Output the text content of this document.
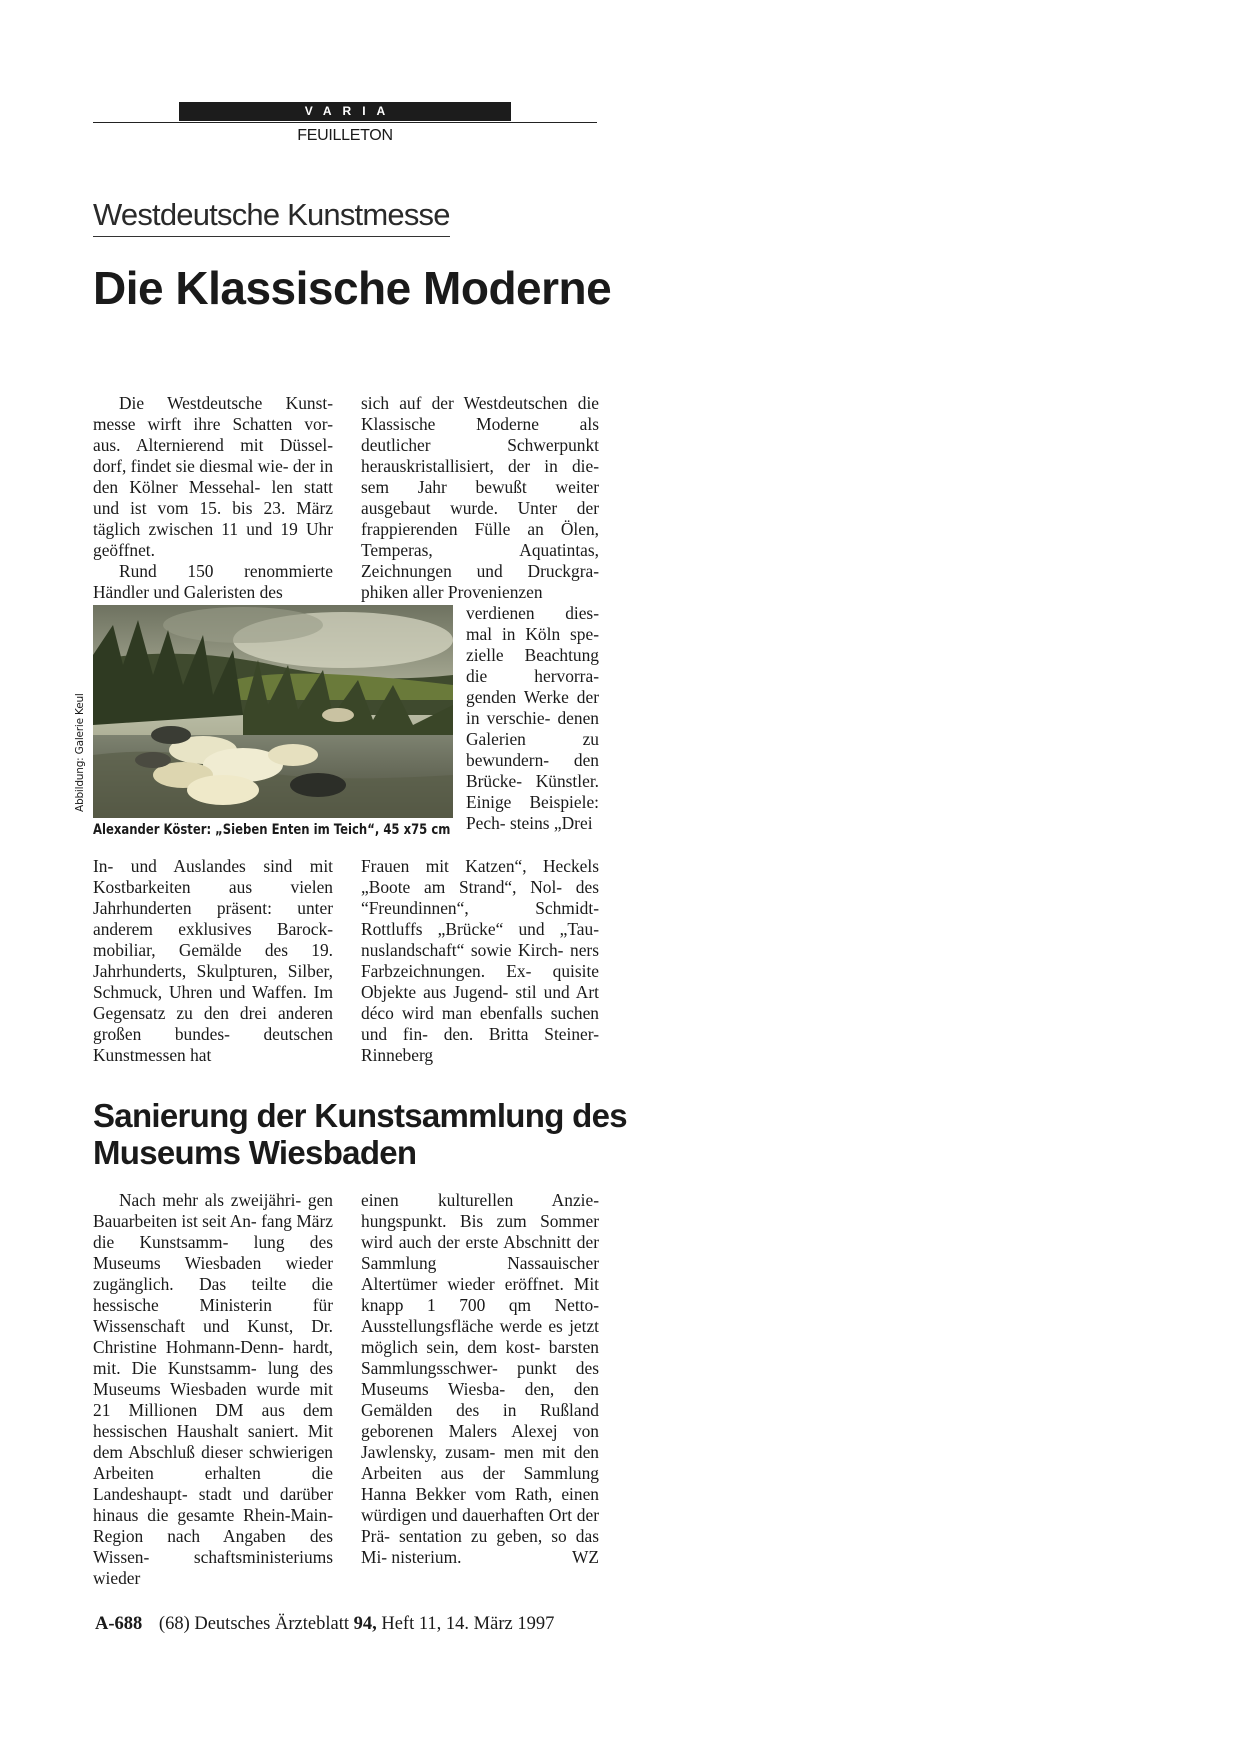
VARIA
FEUILLETON
Westdeutsche Kunstmesse
Die Klassische Moderne

Die Westdeutsche Kunst- messe wirft ihre Schatten vor- aus. Alternierend mit Düssel- dorf, findet sie diesmal wie- der in den Kölner Messehal- len statt und ist vom 15. bis 23. März täglich zwischen 11 und 19 Uhr geöffnet.

Rund 150 renommierte Händler und Galeristen des

sich auf der Westdeutschen die Klassische Moderne als deutlicher Schwerpunkt herauskristallisiert, der in die- sem Jahr bewußt weiter ausgebaut wurde. Unter der frappierenden Fülle an Ölen, Temperas, Aquatintas, Zeichnungen und Druckgra- phiken aller Provenienzen

verdienen dies- mal in Köln spe- zielle Beachtung die hervorra- genden Werke der in verschie- denen Galerien zu bewundern- den Brücke- Künstler. Einige Beispiele: Pech- steins „Drei

Alexander Köster: „Sieben Enten im Teich“, 45 x75 cm
Abbildung: Galerie Keul

In- und Auslandes sind mit Kostbarkeiten aus vielen Jahrhunderten präsent: unter anderem exklusives Barock- mobiliar, Gemälde des 19. Jahrhunderts, Skulpturen, Silber, Schmuck, Uhren und Waffen. Im Gegensatz zu den drei anderen großen bundes- deutschen Kunstmessen hat

Frauen mit Katzen“, Heckels „Boote am Strand“, Nol- des “Freundinnen“, Schmidt- Rottluffs „Brücke“ und „Tau- nuslandschaft“ sowie Kirch- ners Farbzeichnungen. Ex- quisite Objekte aus Jugend- stil und Art déco wird man ebenfalls suchen und fin- den. Britta Steiner-Rinneberg

Sanierung der Kunstsammlung des Museums Wiesbaden

Nach mehr als zweijähri- gen Bauarbeiten ist seit An- fang März die Kunstsamm- lung des Museums Wiesbaden wieder zugänglich. Das teilte die hessische Ministerin für Wissenschaft und Kunst, Dr. Christine Hohmann-Denn- hardt, mit. Die Kunstsamm- lung des Museums Wiesbaden wurde mit 21 Millionen DM aus dem hessischen Haushalt saniert. Mit dem Abschluß dieser schwierigen Arbeiten erhalten die Landeshaupt- stadt und darüber hinaus die gesamte Rhein-Main-Region nach Angaben des Wissen- schaftsministeriums wieder

einen kulturellen Anzie- hungspunkt. Bis zum Sommer wird auch der erste Abschnitt der Sammlung Nassauischer Altertümer wieder eröffnet. Mit knapp 1 700 qm Netto- Ausstellungsfläche werde es jetzt möglich sein, dem kost- barsten Sammlungsschwer- punkt des Museums Wiesba- den, den Gemälden des in Rußland geborenen Malers Alexej von Jawlensky, zusam- men mit den Arbeiten aus der Sammlung Hanna Bekker vom Rath, einen würdigen und dauerhaften Ort der Prä- sentation zu geben, so das Mi- nisterium.	WZ

A-688 (68) Deutsches Ärzteblatt 94, Heft 11, 14. März 1997
